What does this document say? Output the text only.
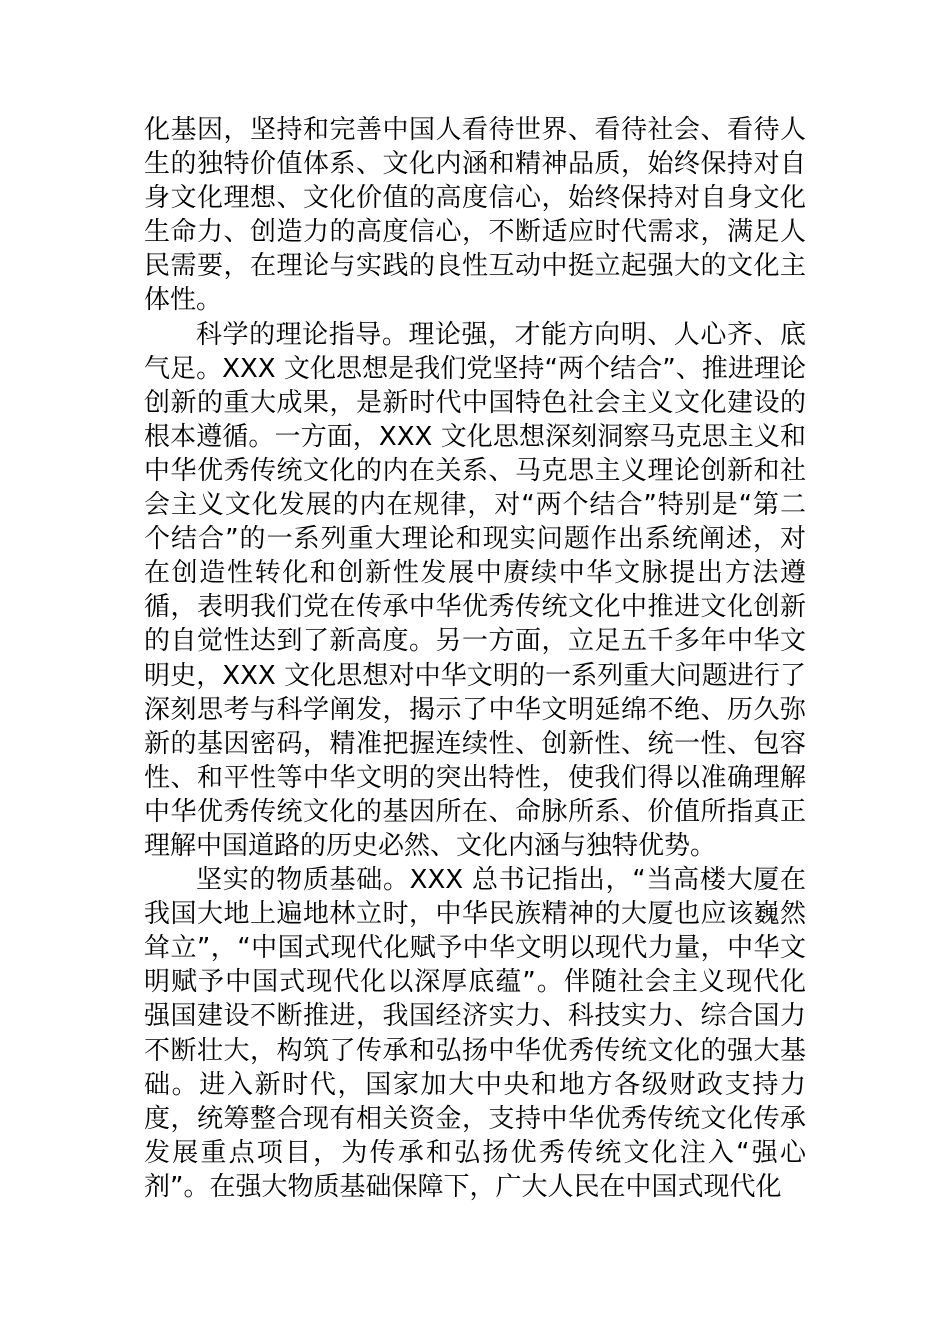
化基因，坚持和完善中国人看待世界、看待社会、看待人生的独特价值体系、文化内涵和精神品质，始终保持对自身文化理想、文化价值的高度信心，始终保持对自身文化生命力、创造力的高度信心，不断适应时代需求，满足人民需要，在理论与实践的良性互动中挺立起强大的文化主体性。

科学的理论指导。理论强，才能方向明、人心齐、底气足。XXX 文化思想是我们党坚持“两个结合”、推进理论创新的重大成果，是新时代中国特色社会主义文化建设的根本遵循。一方面，XXX 文化思想深刻洞察马克思主义和中华优秀传统文化的内在关系、马克思主义理论创新和社会主义文化发展的内在规律，对“两个结合”特别是“第二个结合”的一系列重大理论和现实问题作出系统阐述，对在创造性转化和创新性发展中赓续中华文脉提出方法遵循，表明我们党在传承中华优秀传统文化中推进文化创新的自觉性达到了新高度。另一方面，立足五千多年中华文明史，XXX 文化思想对中华文明的一系列重大问题进行了深刻思考与科学阐发，揭示了中华文明延绵不绝、历久弥新的基因密码，精准把握连续性、创新性、统一性、包容性、和平性等中华文明的突出特性，使我们得以准确理解中华优秀传统文化的基因所在、命脉所系、价值所指真正理解中国道路的历史必然、文化内涵与独特优势。

坚实的物质基础。XXX 总书记指出，“当高楼大厦在我国大地上遍地林立时，中华民族精神的大厦也应该巍然耸立”，“中国式现代化赋予中华文明以现代力量，中华文明赋予中国式现代化以深厚底蕴”。伴随社会主义现代化强国建设不断推进，我国经济实力、科技实力、综合国力不断壮大，构筑了传承和弘扬中华优秀传统文化的强大基础。进入新时代，国家加大中央和地方各级财政支持力度，统筹整合现有相关资金，支持中华优秀传统文化传承发展重点项目，为传承和弘扬优秀传统文化注入“强心剂”。在强大物质基础保障下，广大人民在中国式现代化
